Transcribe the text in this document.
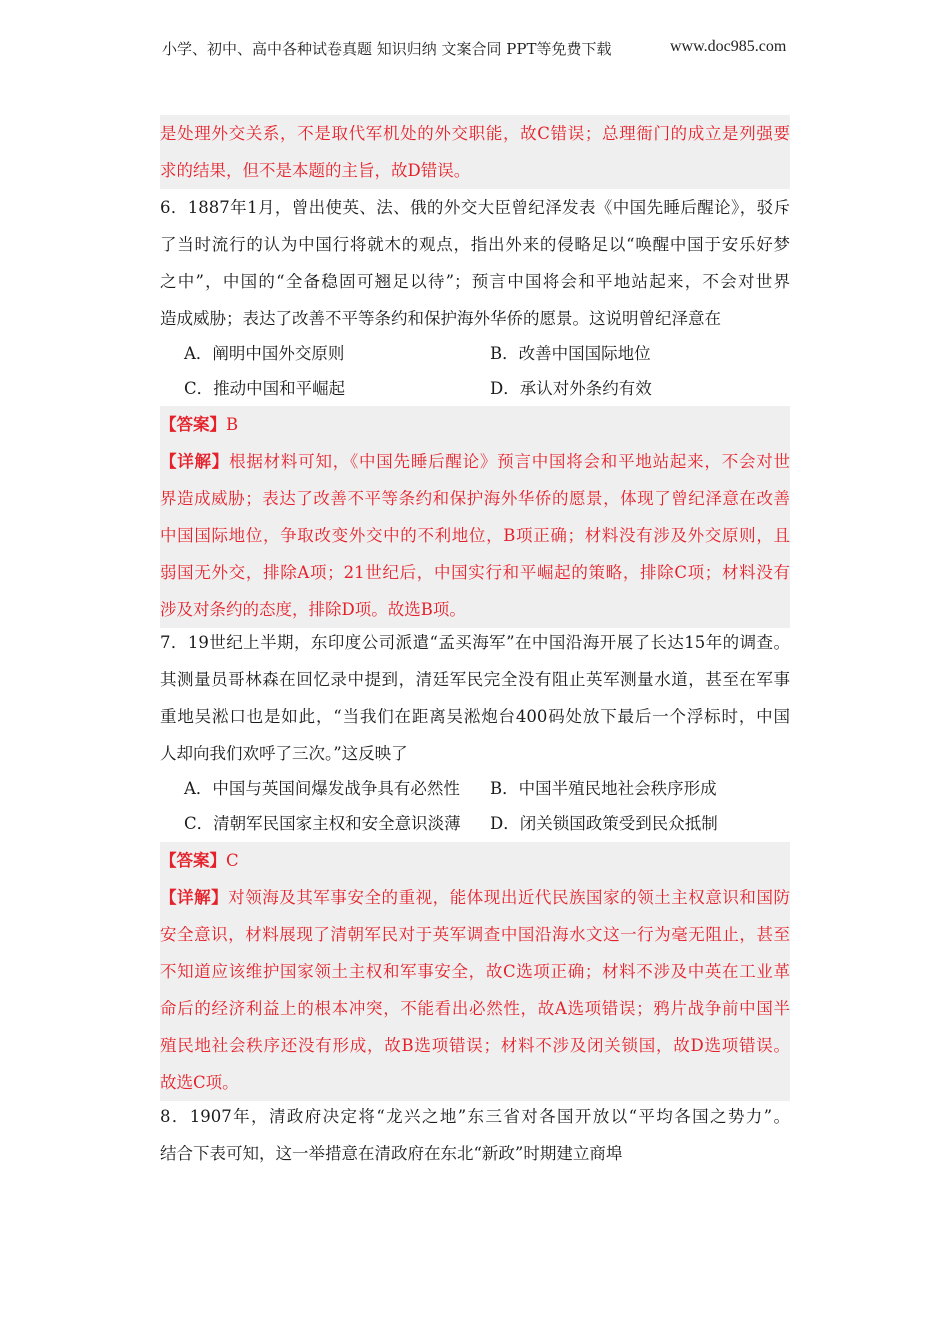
小学、初中、高中各种试卷真题 知识归纳 文案合同 PPT等免费下载	www.doc985.com
是处理外交关系，不是取代军机处的外交职能，故C错误；总理衙门的成立是列强要
求的结果，但不是本题的主旨，故D错误。
6．1887年1月，曾出使英、法、俄的外交大臣曾纪泽发表《中国先睡后醒论》，驳斥
了当时流行的认为中国行将就木的观点，指出外来的侵略足以“唤醒中国于安乐好梦
之中”，中国的“全备稳固可翘足以待”；预言中国将会和平地站起来，不会对世界
造成威胁；表达了改善不平等条约和保护海外华侨的愿景。这说明曾纪泽意在
A．阐明中国外交原则	B．改善中国国际地位
C．推动中国和平崛起	D．承认对外条约有效
【答案】B
【详解】根据材料可知，《中国先睡后醒论》预言中国将会和平地站起来，不会对世
界造成威胁；表达了改善不平等条约和保护海外华侨的愿景，体现了曾纪泽意在改善
中国国际地位，争取改变外交中的不利地位，B项正确；材料没有涉及外交原则，且
弱国无外交，排除A项；21世纪后，中国实行和平崛起的策略，排除C项；材料没有
涉及对条约的态度，排除D项。故选B项。
7．19世纪上半期，东印度公司派遣“孟买海军”在中国沿海开展了长达15年的调查。
其测量员哥林森在回忆录中提到，清廷军民完全没有阻止英军测量水道，甚至在军事
重地吴淞口也是如此，“当我们在距离吴淞炮台400码处放下最后一个浮标时，中国
人却向我们欢呼了三次。”这反映了
A．中国与英国间爆发战争具有必然性 B．中国半殖民地社会秩序形成
C．清朝军民国家主权和安全意识淡薄 D．闭关锁国政策受到民众抵制
【答案】C
【详解】对领海及其军事安全的重视，能体现出近代民族国家的领土主权意识和国防
安全意识，材料展现了清朝军民对于英军调查中国沿海水文这一行为毫无阻止，甚至
不知道应该维护国家领土主权和军事安全，故C选项正确；材料不涉及中英在工业革
命后的经济利益上的根本冲突，不能看出必然性，故A选项错误；鸦片战争前中国半
殖民地社会秩序还没有形成，故B选项错误；材料不涉及闭关锁国，故D选项错误。
故选C项。
8．1907年，清政府决定将“龙兴之地”东三省对各国开放以“平均各国之势力”。
结合下表可知，这一举措意在清政府在东北“新政”时期建立商埠
